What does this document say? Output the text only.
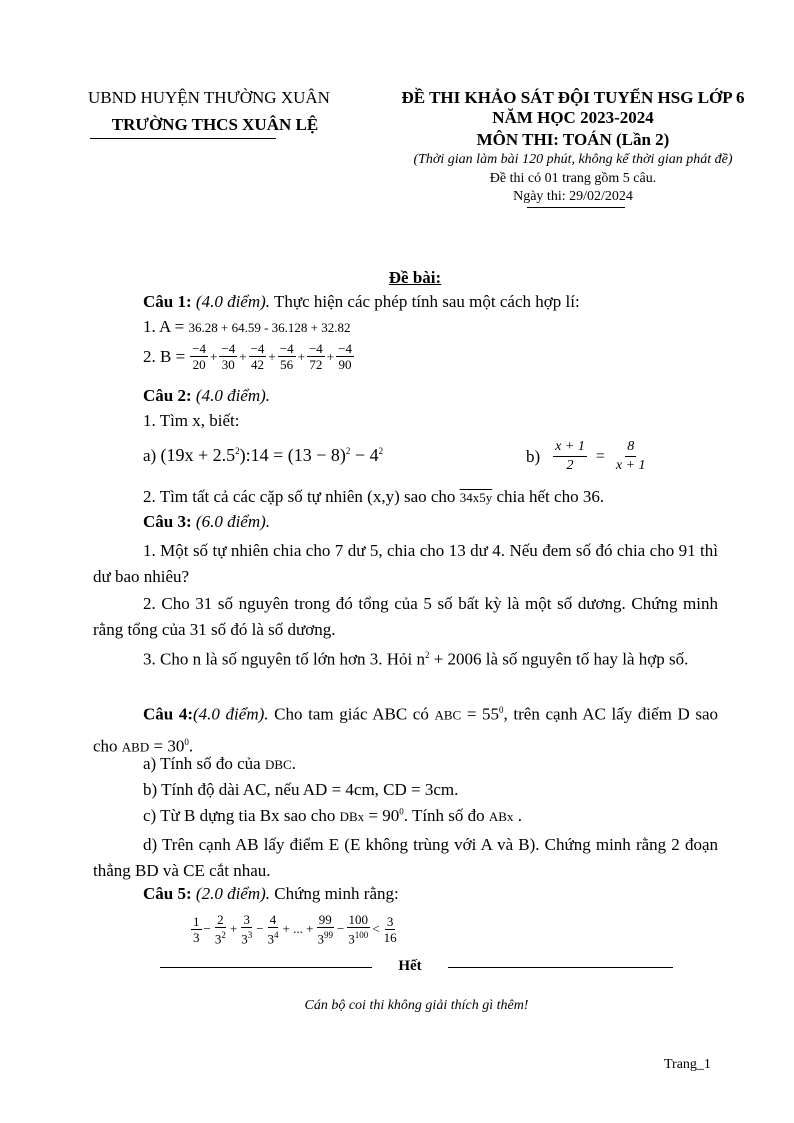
UBND HUYỆN THƯỜNG XUÂN
TRƯỜNG THCS XUÂN LỆ
ĐỀ THI KHẢO SÁT ĐỘI TUYỂN HSG LỚP 6
NĂM HỌC 2023-2024
MÔN THI: TOÁN (Lần 2)
(Thời gian làm bài 120 phút, không kể thời gian phát đề)
Đề thi có 01 trang gồm 5 câu.
Ngày thi: 29/02/2024
Đề bài:
Câu 1: (4.0 điểm). Thực hiện các phép tính sau một cách hợp lí:
1. A = 36.28 + 64.59 - 36.128 + 32.82
2. $B = \frac{-4}{20} + \frac{-4}{30} + \frac{-4}{42} + \frac{-4}{56} + \frac{-4}{72} + \frac{-4}{90}$
Câu 2: (4.0 điểm).
1. Tìm x, biết:
a) $(19x + 2.5^2):14 = (13 - 8)^2 - 4^2$	$b) \frac{x + 1}{2} = \frac{8}{x + 1}$
2. Tìm tất cả các cặp số tự nhiên (x,y) sao cho 34x5y chia hết cho 36.
Câu 3: (6.0 điểm).
1. Một số tự nhiên chia cho 7 dư 5, chia cho 13 dư 4. Nếu đem số đó chia cho 91 thì dư bao nhiêu?
2. Cho 31 số nguyên trong đó tổng của 5 số bất kỳ là một số dương. Chứng minh rằng tổng của 31 số đó là số dương.
3. Cho n là số nguyên tố lớn hơn 3. Hỏi $n^2 + 2006$ là số nguyên tố hay là hợp số.
Câu 4:(4.0 điểm). Cho tam giác ABC có ABC = $55^0$, trên cạnh AC lấy điểm D sao cho ABD = $30^0$.
a) Tính số đo của DBC.
b) Tính độ dài AC, nếu AD = 4cm, CD = 3cm.
c) Từ B dựng tia Bx sao cho DBx = $90^0$. Tính số đo ABx .
d) Trên cạnh AB lấy điểm E (E không trùng với A và B). Chứng minh rằng 2 đoạn thẳng BD và CE cắt nhau.
Câu 5: (2.0 điểm). Chứng minh rằng:
$\frac{1}{3} - \frac{2}{3^2} + \frac{3}{3^3} - \frac{4}{3^4}$ + ... + $\frac{99}{3^{99}} - \frac{100}{3^{100}} < \frac{3}{16}$
Hết
Cán bộ coi thi không giải thích gì thêm!
Trang_1
